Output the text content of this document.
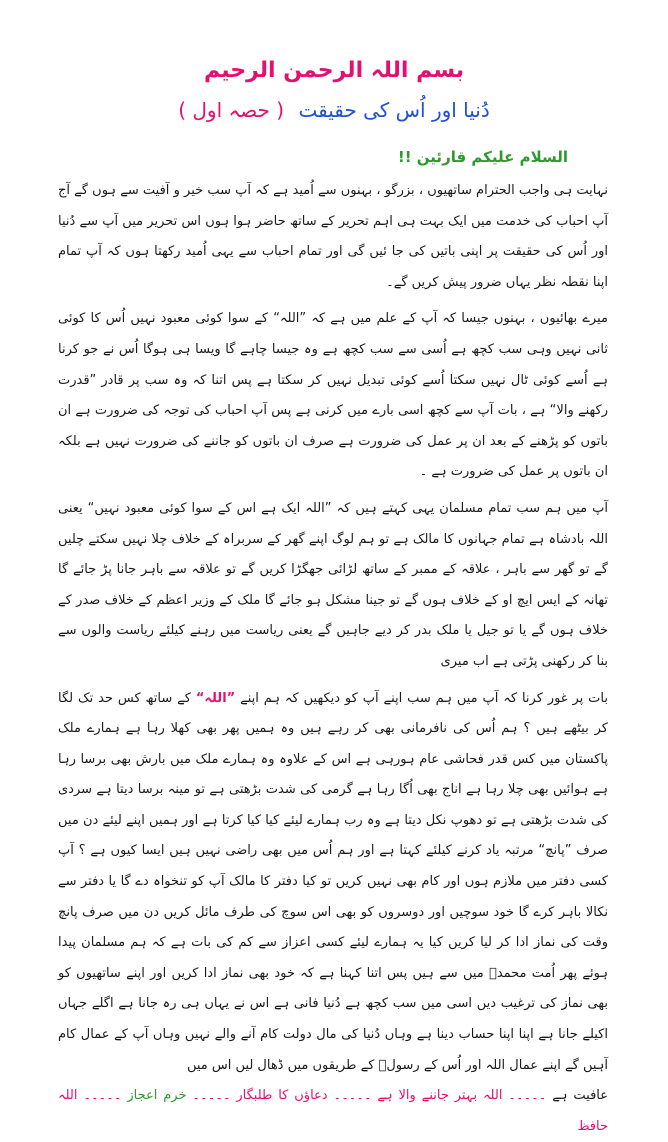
بسم اللہ الرحمن الرحیم
دُنیا اور اُس کی حقیقت ( حصہ اول )
السلام علیکم قارئین !!

نہایت ہی واجب الحترام ساتھیوں ، بزرگو ، بہنوں سے اُمید ہے کہ آپ سب خیر و آفیت سے ہوں گے آج آپ احباب کی خدمت میں ایک بہت ہی اہم تحریر کے ساتھ حاضر ہوا ہوں اس تحریر میں آپ سے دُنیا اور اُس کی حقیقت پر اپنی باتیں کی جا ئیں گی اور تمام احباب سے یہی اُمید رکھتا ہوں کہ آپ تمام اپنا نقطہ نظر یہاں ضرور پیش کریں گے۔

میرے بھائیوں ، بہنوں جیسا کہ آپ کے علم میں ہے کہ ”اللہ“ کے سوا کوئی معبود نہیں اُس کا کوئی ثانی نہیں وہی سب کچھ ہے اُسی سے سب کچھ ہے وہ جیسا چاہے گا ویسا ہی ہوگا اُس نے جو کرنا ہے اُسے کوئی ٹال نہیں سکتا اُسے کوئی تبدیل نہیں کر سکتا ہے پس اتنا کہ وہ سب پر قادر ”قدرت رکھنے والا“ ہے ، بات آپ سے کچھ اسی بارے میں کرنی ہے پس آپ احباب کی توجہ کی ضرورت ہے ان باتوں کو پڑھنے کے بعد ان پر عمل کی ضرورت ہے صرف ان باتوں کو جاننے کی ضرورت نہیں ہے بلکہ ان باتوں پر عمل کی ضرورت ہے ۔

آپ میں ہم سب تمام مسلمان یہی کہتے ہیں کہ ”اللہ ایک ہے اس کے سوا کوئی معبود نہیں“ یعنی اللہ بادشاہ ہے تمام جہانوں کا مالک ہے تو ہم لوگ اپنے گھر کے سربراہ کے خلاف چلا نہیں سکتے چلیں گے تو گھر سے باہر ، علاقہ کے ممبر کے ساتھ لڑائی جھگڑا کریں گے تو علاقہ سے باہر جانا پڑ جائے گا تھانہ کے ایس ایچ او کے خلاف ہوں گے تو جینا مشکل ہو جائے گا ملک کے وزیر اعظم کے خلاف صدر کے خلاف ہوں گے یا تو جیل یا ملک بدر کر دیے جاہیں گے یعنی ریاست میں رہنے کیلئے ریاست والوں سے بنا کر رکھنی پڑتی ہے اب میری

بات پر غور کرنا کہ آپ میں ہم سب اپنے آپ کو دیکھیں کہ ہم اپنے ”اللہ“ کے ساتھ کس حد تک لگا کر بیٹھے ہیں ؟ ہم اُس کی نافرمانی بھی کر رہے ہیں وہ ہمیں پھر بھی کھلا رہا ہے ہمارے ملک پاکستان میں کس قدر فحاشی عام ہورہی ہے اس کے علاوہ وہ ہمارے ملک میں بارش بھی برسا رہا ہے ہوائیں بھی چلا رہا ہے اناج بھی اُگا رہا ہے گرمی کی شدت بڑھتی ہے تو مینہ برسا دیتا ہے سردی کی شدت بڑھتی ہے تو دھوپ نکل دیتا ہے وہ رب ہمارے لیئے کیا کیا کرتا ہے اور ہمیں اپنے لیئے دن میں صرف ”پانچ“ مرتبہ یاد کرنے کیلئے کہتا ہے اور ہم اُس میں بھی راضی نہیں ہیں ایسا کیوں ہے ؟ آپ کسی دفتر میں ملازم ہوں اور کام بھی نہیں کریں تو کیا دفتر کا مالک آپ کو تنخواہ دے گا یا دفتر سے نکالا باہر کرے گا خود سوچیں اور دوسروں کو بھی اس سوچ کی طرف مائل کریں دن میں صرف پانچ وقت کی نماز ادا کر لیا کریں کیا یہ ہمارے لیئے کسی اعزاز سے کم کی بات ہے کہ ہم مسلمان پیدا ہوئے پھر اُمت محمدؐ میں سے ہیں پس اتنا کہنا ہے کہ خود بھی نماز ادا کریں اور اپنے ساتھیوں کو بھی نماز کی ترغیب دیں اسی میں سب کچھ ہے دُنیا فانی ہے اس نے یہاں ہی رہ جانا ہے اگلے جہاں اکیلے جانا ہے اپنا اپنا حساب دینا ہے وہاں دُنیا کی مال دولت کام آنے والے نہیں وہاں آپ کے عمال کام آہیں گے اپنے عمال اللہ اور اُس کے رسولؐ کے طریقوں میں ڈھال لیں اس میں

عافیت ہے ۔۔۔۔۔ اللہ بہتر جاننے والا ہے ۔۔۔۔۔ دعاؤں کا طلبگار ۔۔۔۔۔ خرم اعجاز ۔۔۔۔۔ اللہ حافظ
